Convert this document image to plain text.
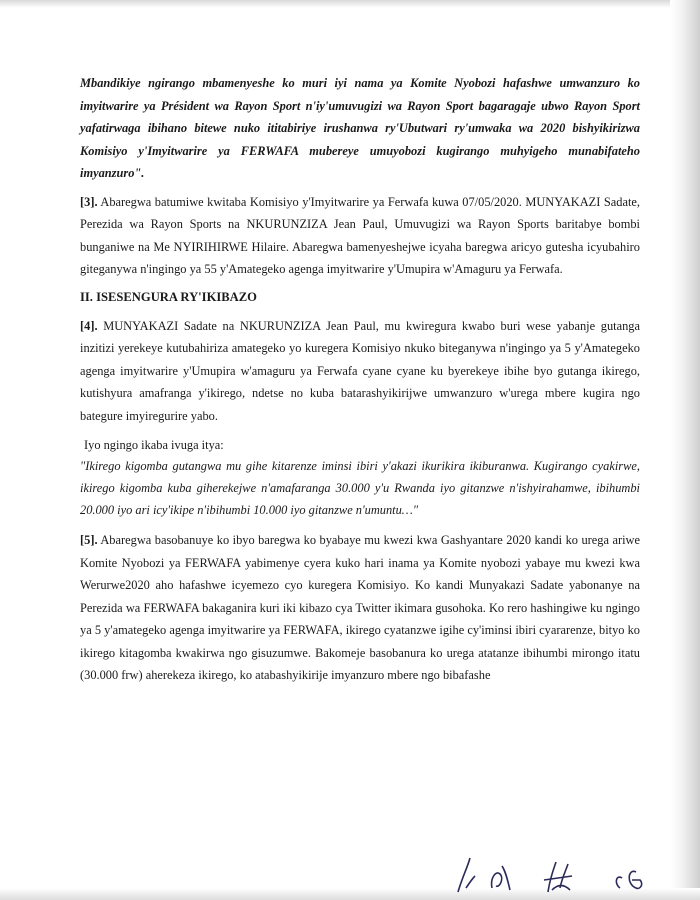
Mbandikiye ngirango mbamenyeshe ko muri iyi nama ya Komite Nyobozi hafashwe umwanzuro ko imyitwarire ya Président wa Rayon Sport n'iy'umuvugizi wa Rayon Sport bagaragaje ubwo Rayon Sport yafatirwaga ibihano bitewe nuko ititabiriye irushanwa ry'Ubutwari ry'umwaka wa 2020 bishyikirizwa Komisiyo y'Imyitwarire ya FERWAFA mubereye umuyobozi kugirango muhyigeho munabifateho imyanzuro".

[3]. Abaregwa batumiwe kwitaba Komisiyo y'Imyitwarire ya Ferwafa kuwa 07/05/2020. MUNYAKAZI Sadate, Perezida wa Rayon Sports na NKURUNZIZA Jean Paul, Umuvugizi wa Rayon Sports baritabye bombi bunganiwe na Me NYIRIHIRWE Hilaire. Abaregwa bamenyeshejwe icyaha baregwa aricyo gutesha icyubahiro giteganywa n'ingingo ya 55 y'Amategeko agenga imyitwarire y'Umupira w'Amaguru ya Ferwafa.

II. ISESENGURA RY'IKIBAZO

[4]. MUNYAKAZI Sadate na NKURUNZIZA Jean Paul, mu kwiregura kwabo buri wese yabanje gutanga inzitizi yerekeye kutubahiriza amategeko yo kuregera Komisiyo nkuko biteganywa n'ingingo ya 5 y'Amategeko agenga imyitwarire y'Umupira w'amaguru ya Ferwafa cyane cyane ku byerekeye ibihe byo gutanga ikirego, kutishyura amafranga y'ikirego, ndetse no kuba batarashyikirijwe umwanzuro w'urega mbere kugira ngo bategure imyiregurire yabo.

Iyo ngingo ikaba ivuga itya:

"Ikirego kigomba gutangwa mu gihe kitarenze iminsi ibiri y'akazi ikurikira ikiburanwa. Kugirango cyakirwe, ikirego kigomba kuba giherekejwe n'amafaranga 30.000 y'u Rwanda iyo gitanzwe n'ishyirahamwe, ibihumbi 20.000 iyo ari icy'ikipe n'ibihumbi 10.000 iyo gitanzwe n'umuntu…"

[5]. Abaregwa basobanuye ko ibyo baregwa ko byabaye mu kwezi kwa Gashyantare 2020 kandi ko urega ariwe Komite Nyobozi ya FERWAFA yabimenye cyera kuko hari inama ya Komite nyobozi yabaye mu kwezi kwa Werurwe2020 aho hafashwe icyemezo cyo kuregera Komisiyo. Ko kandi Munyakazi Sadate yabonanye na Perezida wa FERWAFA bakaganira kuri iki kibazo cya Twitter ikimara gusohoka. Ko rero hashingiwe ku ngingo ya 5 y'amategeko agenga imyitwarire ya FERWAFA, ikirego cyatanzwe igihe cy'iminsi ibiri cyararenze, bityo ko ikirego kitagomba kwakirwa ngo gisuzumwe. Bakomeje basobanura ko urega atatanze ibihumbi mirongo itatu (30.000 frw) aherekeza ikirego, ko atabashyikirije imyanzuro mbere ngo bibafashe
